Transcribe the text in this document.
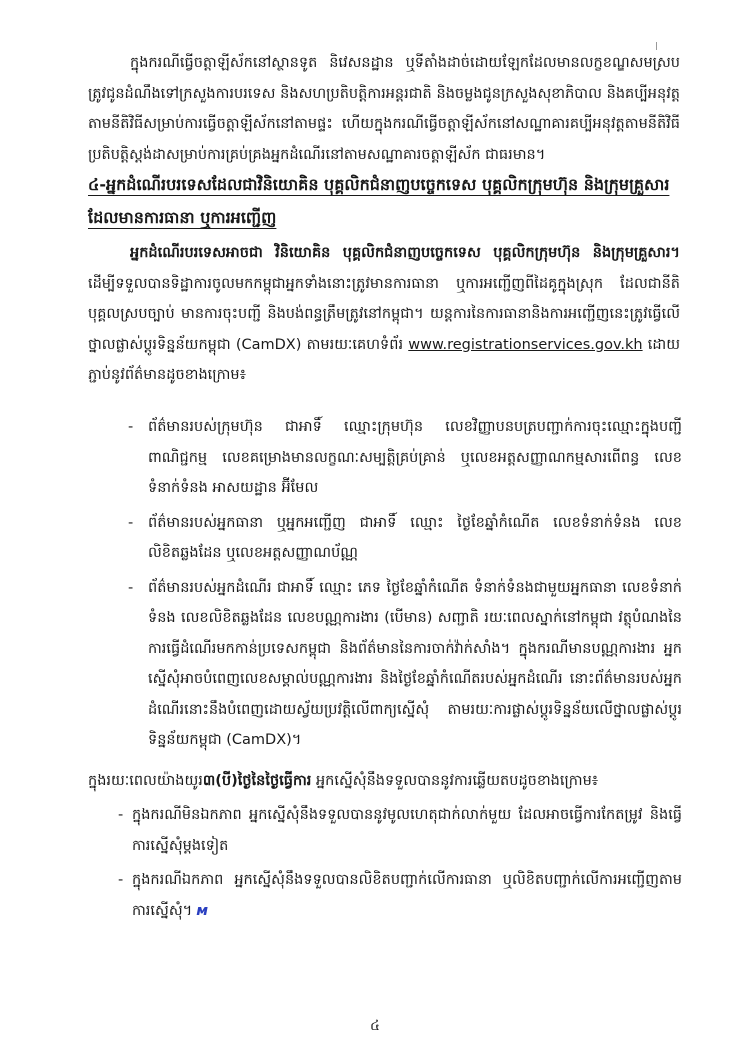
ក្នុងករណីធ្វើចត្តាឡីស័កនៅស្ថានទូត និវេសនដ្ឋាន ឬទីតាំងដាច់ដោយឡែកដែលមានលក្ខខណ្ឌសមស្រប ត្រូវជូនដំណឹងទៅក្រសួងការបរទេស និងសហប្រតិបត្តិការអន្តរជាតិ និងចម្លងជូនក្រសួងសុខាភិបាល និងគប្បីអនុវត្តតាមនីតិវិធីសម្រាប់ការធ្វើចត្តាឡីស័កនៅតាមផ្ទះ ហើយក្នុងករណីធ្វើចត្តាឡីស័កនៅសណ្ឋាគារគប្បីអនុវត្តតាមនីតិវិធីប្រតិបត្តិស្តង់ដាសម្រាប់ការគ្រប់គ្រងអ្នកដំណើរនៅតាមសណ្ឋាគារចត្តាឡីស័ក ជាធរមាន។

៤-អ្នកដំណើរបរទេសដែលជាវិនិយោគិន បុគ្គលិកជំនាញបច្ចេកទេស បុគ្គលិកក្រុមហ៊ុន និងក្រុមគ្រួសារដែលមានការធានា ឬការអញ្ជើញ

អ្នកដំណើរបរទេសអាចជា វិនិយោគិន បុគ្គលិកជំនាញបច្ចេកទេស បុគ្គលិកក្រុមហ៊ុន និងក្រុមគ្រួសារ។ ដើម្បីទទួលបានទិដ្ឋាការចូលមកកម្ពុជាអ្នកទាំងនោះត្រូវមានការធានា ឬការអញ្ជើញពីដៃគូក្នុងស្រុក ដែលជានីតិបុគ្គលស្របច្បាប់ មានការចុះបញ្ជី និងបង់ពន្ធត្រឹមត្រូវនៅកម្ពុជា។ យន្តការនៃការធានានិងការអញ្ជើញនេះត្រូវធ្វើលើថ្នាលផ្លាស់ប្តូរទិន្នន័យកម្ពុជា (CamDX) តាមរយៈគេហទំព័រ www.registrationservices.gov.kh ដោយភ្ជាប់នូវព័ត៌មានដូចខាងក្រោម៖

- ព័ត៌មានរបស់ក្រុមហ៊ុន ជាអាទិ៍ ឈ្មោះក្រុមហ៊ុន លេខវិញ្ញាបនបត្របញ្ជាក់ការចុះឈ្មោះក្នុងបញ្ជីពាណិជ្ជកម្ម លេខគម្រោងមានលក្ខណៈសម្បត្តិគ្រប់គ្រាន់ ឬលេខអត្តសញ្ញាណកម្មសារពើពន្ធ លេខទំនាក់ទំនង អាសយដ្ឋាន អ៊ីមែល
- ព័ត៌មានរបស់អ្នកធានា ឬអ្នកអញ្ជើញ ជាអាទិ៍ ឈ្មោះ ថ្ងៃខែឆ្នាំកំណើត លេខទំនាក់ទំនង លេខលិខិតឆ្លងដែន ឬលេខអត្តសញ្ញាណប័ណ្ណ
- ព័ត៌មានរបស់អ្នកដំណើរ ជាអាទិ៍ ឈ្មោះ ភេទ ថ្ងៃខែឆ្នាំកំណើត ទំនាក់ទំនងជាមួយអ្នកធានា លេខទំនាក់ទំនង លេខលិខិតឆ្លងដែន លេខបណ្ណការងារ (បើមាន) សញ្ជាតិ រយៈពេលស្នាក់នៅកម្ពុជា វត្ថុបំណងនៃការធ្វើដំណើរមកកាន់ប្រទេសកម្ពុជា និងព័ត៌មាននៃការចាក់វ៉ាក់សាំង។ ក្នុងករណីមានបណ្ណការងារ អ្នកស្នើសុំអាចបំពេញលេខសម្គាល់បណ្ណការងារ និងថ្ងៃខែឆ្នាំកំណើតរបស់អ្នកដំណើរ នោះព័ត៌មានរបស់អ្នកដំណើរនោះនឹងបំពេញដោយស្វ័យប្រវត្តិលើពាក្យស្នើសុំ តាមរយៈការផ្លាស់ប្តូរទិន្នន័យលើថ្នាលផ្លាស់ប្តូរទិន្នន័យកម្ពុជា (CamDX)។

ក្នុងរយៈពេលយ៉ាងយូរ៣(បី)ថ្ងៃនៃថ្ងៃធ្វើការ អ្នកស្នើសុំនឹងទទួលបាននូវការឆ្លើយតបដូចខាងក្រោម៖

- ក្នុងករណីមិនឯកភាព អ្នកស្នើសុំនឹងទទួលបាននូវមូលហេតុជាក់លាក់មួយ ដែលអាចធ្វើការកែតម្រូវ និងធ្វើការស្នើសុំម្តងទៀត
- ក្នុងករណីឯកភាព អ្នកស្នើសុំនឹងទទួលបានលិខិតបញ្ជាក់លើការធានា ឬលិខិតបញ្ជាក់លើការអញ្ជើញតាមការស្នើសុំ។ ᴍ
៤
